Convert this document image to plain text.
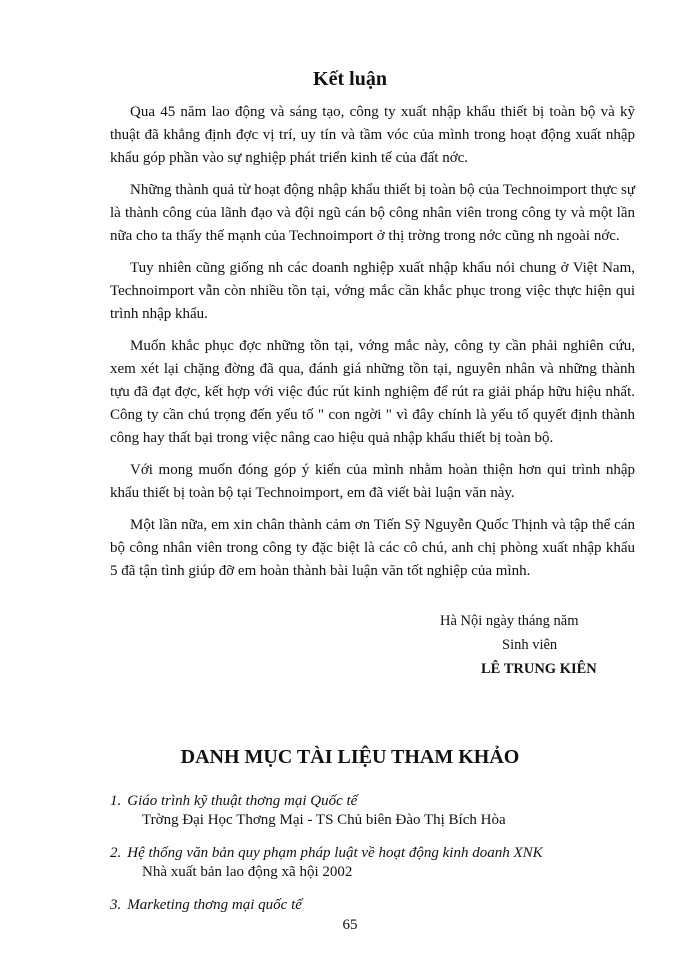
Kết luận

Qua 45 năm lao động và sáng tạo, công ty xuất nhập khẩu thiết bị toàn bộ và kỹ thuật đã khẳng định đợc vị trí, uy tín và tầm vóc của mình trong hoạt động xuất nhập khẩu góp phần vào sự nghiệp phát triển kinh tế của đất nớc.

Những thành quả từ hoạt động nhập khẩu thiết bị toàn bộ của Technoimport thực sự là thành công của lãnh đạo và đội ngũ cán bộ công nhân viên trong công ty và một lần nữa cho ta thấy thế mạnh của Technoimport ở thị trờng trong nớc cũng nh ngoài nớc.

Tuy nhiên cũng giống nh các doanh nghiệp xuất nhập khẩu nói chung ở Việt Nam, Technoimport vẫn còn nhiều tồn tại, vớng mắc cần khắc phục trong việc thực hiện qui trình nhập khẩu.

Muốn khắc phục đợc những tồn tại, vớng mắc này, công ty cần phải nghiên cứu, xem xét lại chặng đờng đã qua, đánh giá những tồn tại, nguyên nhân và những thành tựu đã đạt đợc, kết hợp với việc đúc rút kinh nghiệm để rút ra giải pháp hữu hiệu nhất. Công ty cần chú trọng đến yếu tố " con ngời " vì đây chính là yếu tố quyết định thành công hay thất bại trong việc nâng cao hiệu quả nhập khẩu thiết bị toàn bộ.

Với mong muốn đóng góp ý kiến của mình nhằm hoàn thiện hơn qui trình nhập khẩu thiết bị toàn bộ tại Technoimport, em đã viết bài luận văn này.

Một lần nữa, em xin chân thành cảm ơn Tiến Sỹ Nguyễn Quốc Thịnh và tập thể cán bộ công nhân viên trong công ty đặc biệt là các cô chú, anh chị phòng xuất nhập khẩu 5 đã tận tình giúp đỡ em hoàn thành bài luận văn tốt nghiệp của mình.

Hà Nội ngày tháng năm
Sinh viên
LÊ TRUNG KIÊN
DANH MỤC TÀI LIỆU THAM KHẢO
1. Giáo trình kỹ thuật thơng mại Quốc tế
Trờng Đại Học Thơng Mại - TS Chủ biên Đào Thị Bích Hòa
2. Hệ thống văn bản quy phạm pháp luật về hoạt động kinh doanh XNK
Nhà xuất bản lao động xã hội 2002
3. Marketing thơng mại quốc tế
65
